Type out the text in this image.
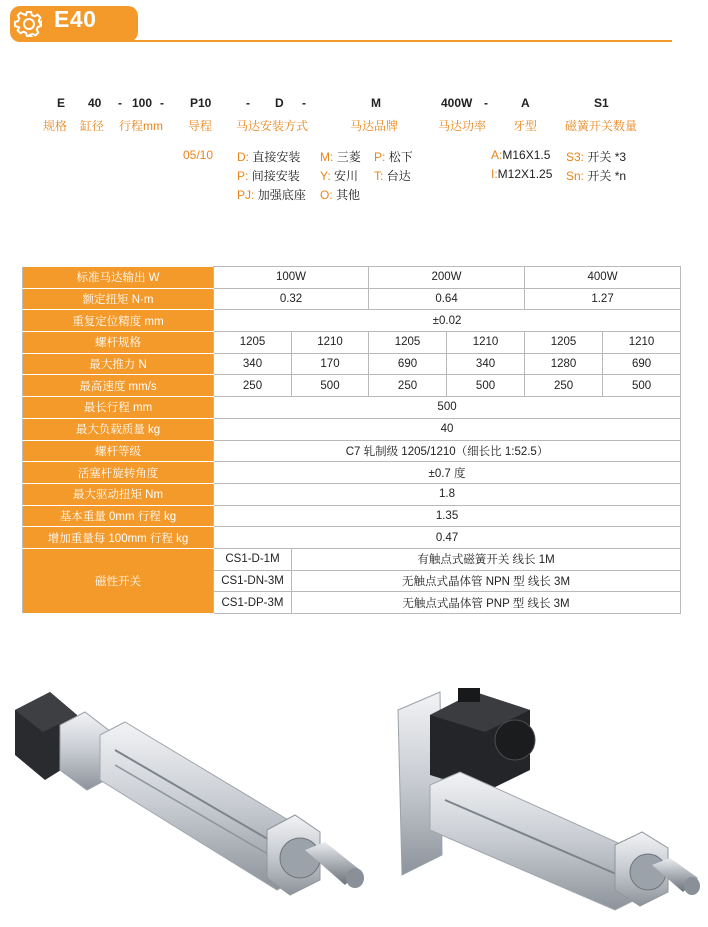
E40
E 40 - 100 - P10	- D -	M	400W -	A	S1
规格 缸径 行程mm 导程 马达安装方式	马达品牌	马达功率 牙型 磁簧开关数量
05/10 D: 直接安装
P: 间接安装
PJ: 加强底座
M: 三菱 P: 松下
Y: 安川 T: 台达
O: 其他
A:M16X1.5
I:M12X1.25
S3: 开关 *3
Sn: 开关 *n
标准马达输出 W	100W		200W		400W	
额定扭矩 N·m	0.32		0.64		1.27	
重复定位精度 mm	±0.02					
螺杆规格	1205	1210	1205	1210	1205	1210
最大推力 N	340	170	690	340	1280	690
最高速度 mm/s	250	500	250	500	250	500
最长行程 mm	500					
最大负载质量 kg	40					
螺杆等级	C7 轧制级 1205/1210（细长比 1:52.5）					
活塞杆旋转角度	±0.7 度					
最大驱动扭矩 Nm	1.8					
基本重量 0mm 行程 kg	1.35					
增加重量每 100mm 行程 kg	0.47					
磁性开关	CS1-D-1M	有触点式磁簧开关 线长 1M				
	CS1-DN-3M	无触点式晶体管 NPN 型 线长 3M				
	CS1-DP-3M	无触点式晶体管 PNP 型 线长 3M				
